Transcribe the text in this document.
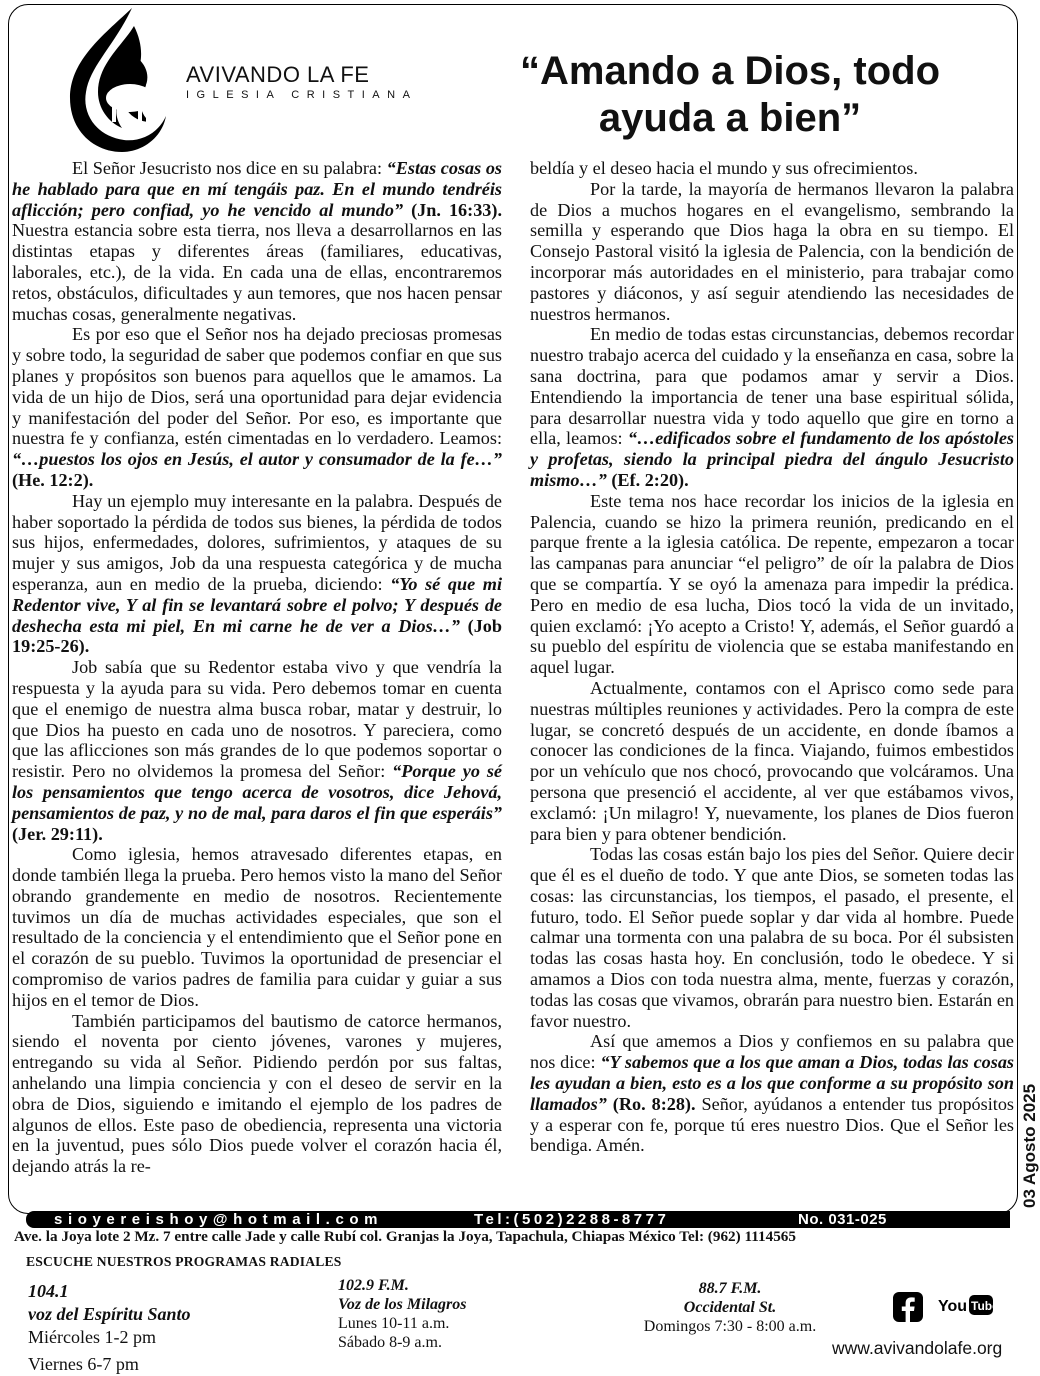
AVIVANDO LA FE
IGLESIA CRISTIANA
“Amando a Dios, todo
ayuda a bien”

El Señor Jesucristo nos dice en su palabra: “Estas cosas os he hablado para que en mí tengáis paz. En el mundo tendréis aflicción; pero confiad, yo he vencido al mundo” (Jn. 16:33). Nuestra estancia sobre esta tierra, nos lleva a desarrollarnos en las distintas etapas y diferentes áreas (familiares, educativas, laborales, etc.), de la vida. En cada una de ellas, encontraremos retos, obstáculos, dificultades y aun temores, que nos hacen pensar muchas cosas, generalmente negativas.

Es por eso que el Señor nos ha dejado preciosas promesas y sobre todo, la seguridad de saber que podemos confiar en que sus planes y propósitos son buenos para aquellos que le amamos. La vida de un hijo de Dios, será una oportunidad para dejar evidencia y manifestación del poder del Señor. Por eso, es importante que nuestra fe y confianza, estén cimentadas en lo verdadero. Leamos: “…puestos los ojos en Jesús, el autor y consumador de la fe…” (He. 12:2).

Hay un ejemplo muy interesante en la palabra. Después de haber soportado la pérdida de todos sus bienes, la pérdida de todos sus hijos, enfermedades, dolores, sufrimientos, y ataques de su mujer y sus amigos, Job da una respuesta categórica y de mucha esperanza, aun en medio de la prueba, diciendo: “Yo sé que mi Redentor vive, Y al fin se levantará sobre el polvo; Y después de deshecha esta mi piel, En mi carne he de ver a Dios…” (Job 19:25-26).

Job sabía que su Redentor estaba vivo y que vendría la respuesta y la ayuda para su vida. Pero debemos tomar en cuenta que el enemigo de nuestra alma busca robar, matar y destruir, lo que Dios ha puesto en cada uno de nosotros. Y pareciera, como que las aflicciones son más grandes de lo que podemos soportar o resistir. Pero no olvidemos la promesa del Señor: “Porque yo sé los pensamientos que tengo acerca de vosotros, dice Jehová, pensamientos de paz, y no de mal, para daros el fin que esperáis” (Jer. 29:11).

Como iglesia, hemos atravesado diferentes etapas, en donde también llega la prueba. Pero hemos visto la mano del Señor obrando grandemente en medio de nosotros. Recientemente tuvimos un día de muchas actividades especiales, que son el resultado de la conciencia y el entendimiento que el Señor pone en el corazón de su pueblo. Tuvimos la oportunidad de presenciar el compromiso de varios padres de familia para cuidar y guiar a sus hijos en el temor de Dios.

También participamos del bautismo de catorce hermanos, siendo el noventa por ciento jóvenes, varones y mujeres, entregando su vida al Señor. Pidiendo perdón por sus faltas, anhelando una limpia conciencia y con el deseo de servir en la obra de Dios, siguiendo e imitando el ejemplo de los padres de algunos de ellos. Este paso de obediencia, representa una victoria en la juventud, pues sólo Dios puede volver el corazón hacia él, dejando atrás la re-

beldía y el deseo hacia el mundo y sus ofrecimientos.

Por la tarde, la mayoría de hermanos llevaron la palabra de Dios a muchos hogares en el evangelismo, sembrando la semilla y esperando que Dios haga la obra en su tiempo. El Consejo Pastoral visitó la iglesia de Palencia, con la bendición de incorporar más autoridades en el ministerio, para trabajar como pastores y diáconos, y así seguir atendiendo las necesidades de nuestros hermanos.

En medio de todas estas circunstancias, debemos recordar nuestro trabajo acerca del cuidado y la enseñanza en casa, sobre la sana doctrina, para que podamos amar y servir a Dios. Entendiendo la importancia de tener una base espiritual sólida, para desarrollar nuestra vida y todo aquello que gire en torno a ella, leamos: “…edificados sobre el fundamento de los apóstoles y profetas, siendo la principal piedra del ángulo Jesucristo mismo…” (Ef. 2:20).

Este tema nos hace recordar los inicios de la iglesia en Palencia, cuando se hizo la primera reunión, predicando en el parque frente a la iglesia católica. De repente, empezaron a tocar las campanas para anunciar “el peligro” de oír la palabra de Dios que se compartía. Y se oyó la amenaza para impedir la prédica. Pero en medio de esa lucha, Dios tocó la vida de un invitado, quien exclamó: ¡Yo acepto a Cristo! Y, además, el Señor guardó a su pueblo del espíritu de violencia que se estaba manifestando en aquel lugar.

Actualmente, contamos con el Aprisco como sede para nuestras múltiples reuniones y actividades. Pero la compra de este lugar, se concretó después de un accidente, en donde íbamos a conocer las condiciones de la finca. Viajando, fuimos embestidos por un vehículo que nos chocó, provocando que volcáramos. Una persona que presenció el accidente, al ver que estábamos vivos, exclamó: ¡Un milagro! Y, nuevamente, los planes de Dios fueron para bien y para obtener bendición.

Todas las cosas están bajo los pies del Señor. Quiere decir que él es el dueño de todo. Y que ante Dios, se someten todas las cosas: las circunstancias, los tiempos, el pasado, el presente, el futuro, todo. El Señor puede soplar y dar vida al hombre. Puede calmar una tormenta con una palabra de su boca. Por él subsisten todas las cosas hasta hoy. En conclusión, todo le obedece. Y si amamos a Dios con toda nuestra alma, mente, fuerzas y corazón, todas las cosas que vivamos, obrarán para nuestro bien. Estarán en favor nuestro.

Así que amemos a Dios y confiemos en su palabra que nos dice: “Y sabemos que a los que aman a Dios, todas las cosas les ayudan a bien, esto es a los que conforme a su propósito son llamados” (Ro. 8:28). Señor, ayúdanos a entender tus propósitos y a esperar con fe, porque tú eres nuestro Dios. Que el Señor les bendiga. Amén.	03 Agosto 2025
sioyereishoy@hotmail.com	Tel:(502)2288-8777	No. 031-025
Ave. la Joya lote 2 Mz. 7 entre calle Jade y calle Rubí col. Granjas la Joya, Tapachula, Chiapas México Tel: (962) 1114565
ESCUCHE NUESTROS PROGRAMAS RADIALES
104.1
voz del Espíritu Santo
Miércoles 1-2 pm
Viernes 6-7 pm
102.9 F.M.
Voz de los Milagros
Lunes 10-11 a.m.
Sábado 8-9 a.m.
88.7 F.M.
Occidental St.
Domingos 7:30 - 8:00 a.m.
You Tube
www.avivandolafe.org
